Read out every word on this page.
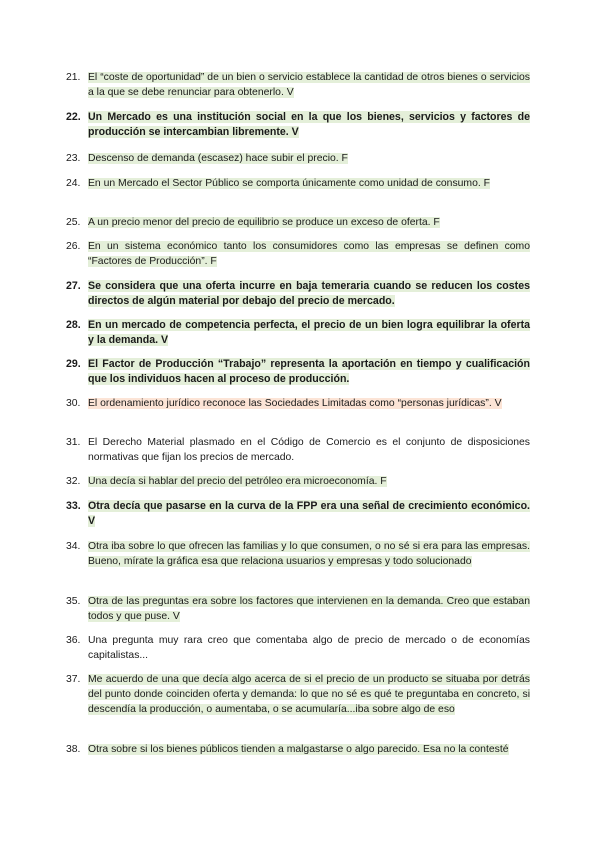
21. El “coste de oportunidad” de un bien o servicio establece la cantidad de otros bienes o servicios a la que se debe renunciar para obtenerlo. V
22. Un Mercado es una institución social en la que los bienes, servicios y factores de producción se intercambian libremente. V
23. Descenso de demanda (escasez) hace subir el precio. F
24. En un Mercado el Sector Público se comporta únicamente como unidad de consumo. F
25. A un precio menor del precio de equilibrio se produce un exceso de oferta. F
26. En un sistema económico tanto los consumidores como las empresas se definen como “Factores de Producción”. F
27. Se considera que una oferta incurre en baja temeraria cuando se reducen los costes directos de algún material por debajo del precio de mercado.
28. En un mercado de competencia perfecta, el precio de un bien logra equilibrar la oferta y la demanda. V
29. El Factor de Producción “Trabajo” representa la aportación en tiempo y cualificación que los individuos hacen al proceso de producción.
30. El ordenamiento jurídico reconoce las Sociedades Limitadas como “personas jurídicas”. V
31. El Derecho Material plasmado en el Código de Comercio es el conjunto de disposiciones normativas que fijan los precios de mercado.
32. Una decía si hablar del precio del petróleo era microeconomía. F
33. Otra decía que pasarse en la curva de la FPP era una señal de crecimiento económico. V
34. Otra iba sobre lo que ofrecen las familias y lo que consumen, o no sé si era para las empresas. Bueno, mírate la gráfica esa que relaciona usuarios y empresas y todo solucionado
35. Otra de las preguntas era sobre los factores que intervienen en la demanda. Creo que estaban todos y que puse. V
36. Una pregunta muy rara creo que comentaba algo de precio de mercado o de economías capitalistas...
37. Me acuerdo de una que decía algo acerca de si el precio de un producto se situaba por detrás del punto donde coinciden oferta y demanda: lo que no sé es qué te preguntaba en concreto, si descendía la producción, o aumentaba, o se acumularía...iba sobre algo de eso
38. Otra sobre si los bienes públicos tienden a malgastarse o algo parecido. Esa no la contesté
